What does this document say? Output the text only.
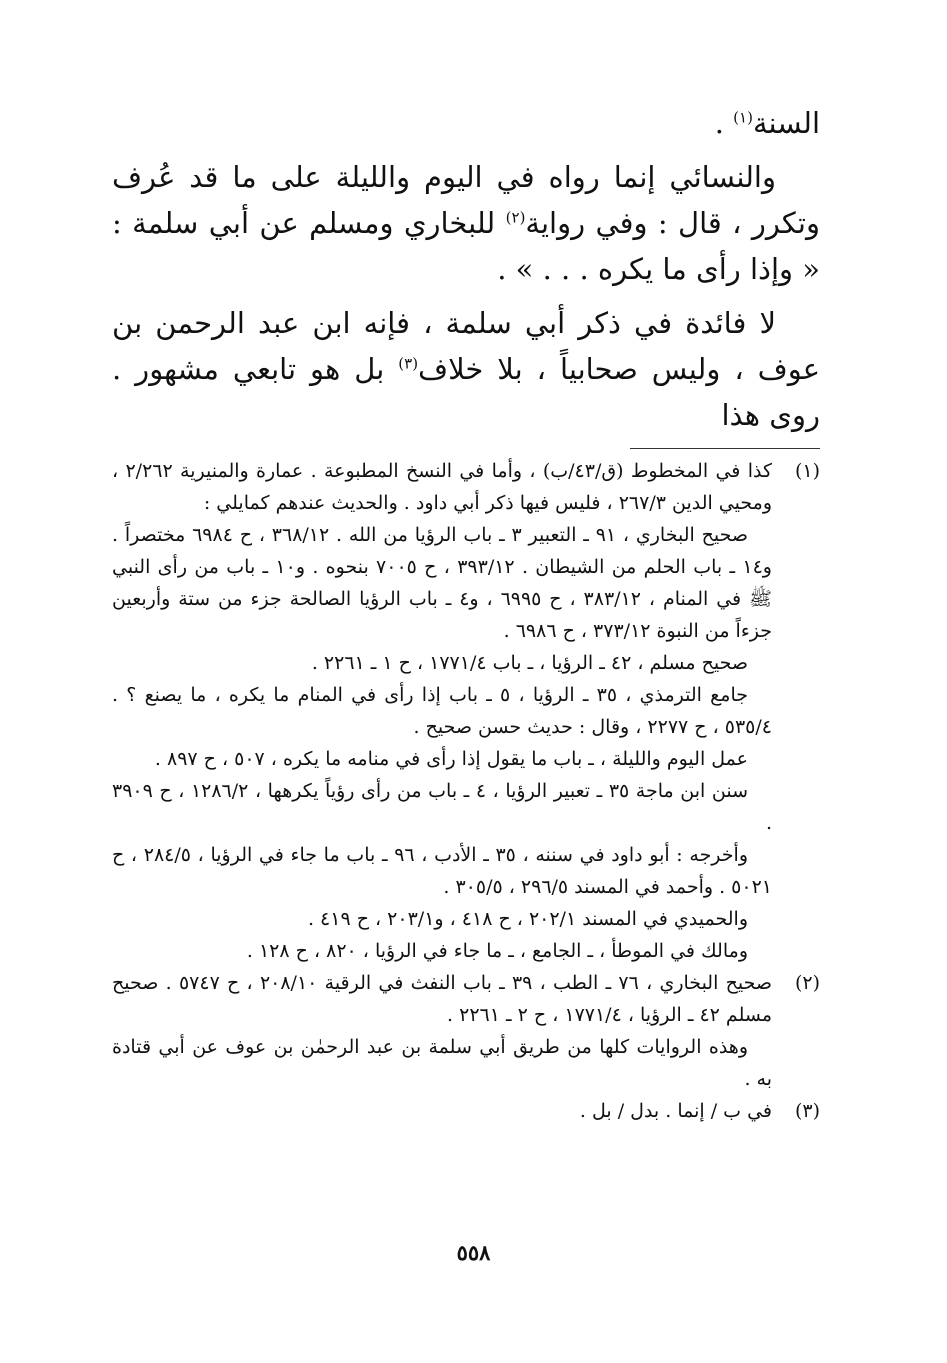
السنة$^{(١)}$ .

والنسائي إنما رواه في اليوم والليلة على ما قد عُرف وتكرر ، قال : وفي رواية$^{(٢)}$ للبخاري ومسلم عن أبي سلمة : « وإذا رأى ما يكره . . . » .

لا فائدة في ذكر أبي سلمة ، فإنه ابن عبد الرحمن بن عوف ، وليس صحابياً ، بلا خلاف$^{(٣)}$ بل هو تابعي مشهور . روى هذا

(١)
كذا في المخطوط (ق/٤٣/ب) ، وأما في النسخ المطبوعة . عمارة والمنيرية ٢/٢٦٢ ، ومحيي الدين ٢٦٧/٣ ، فليس فيها ذكر أبي داود . والحديث عندهم كمايلي :
صحيح البخاري ، ٩١ ـ التعبير ٣ ـ باب الرؤيا من الله . ٣٦٨/١٢ ، ح ٦٩٨٤ مختصراً . و١٤ ـ باب الحلم من الشيطان . ٣٩٣/١٢ ، ح ٧٠٠٥ بنحوه . و١٠ ـ باب من رأى النبي ﷺ في المنام ، ٣٨٣/١٢ ، ح ٦٩٩٥ ، و٤ ـ باب الرؤيا الصالحة جزء من ستة وأربعين جزءاً من النبوة ٣٧٣/١٢ ، ح ٦٩٨٦ .
صحيح مسلم ، ٤٢ ـ الرؤيا ، ـ باب ١٧٧١/٤ ، ح ١ ـ ٢٢٦١ .
جامع الترمذي ، ٣٥ ـ الرؤيا ، ٥ ـ باب إذا رأى في المنام ما يكره ، ما يصنع ؟ . ٥٣٥/٤ ، ح ٢٢٧٧ ، وقال : حديث حسن صحيح .
عمل اليوم والليلة ، ـ باب ما يقول إذا رأى في منامه ما يكره ، ٥٠٧ ، ح ٨٩٧ .
سنن ابن ماجة ٣٥ ـ تعبير الرؤيا ، ٤ ـ باب من رأى رؤياً يكرهها ، ١٢٨٦/٢ ، ح ٣٩٠٩ .
وأخرجه : أبو داود في سننه ، ٣٥ ـ الأدب ، ٩٦ ـ باب ما جاء في الرؤيا ، ٢٨٤/٥ ، ح ٥٠٢١ . وأحمد في المسند ٢٩٦/٥ ، ٣٠٥/٥ .
والحميدي في المسند ٢٠٢/١ ، ح ٤١٨ ، و٢٠٣/١ ، ح ٤١٩ .
ومالك في الموطأ ، ـ الجامع ، ـ ما جاء في الرؤيا ، ٨٢٠ ، ح ١٢٨ .
(٢)
صحيح البخاري ، ٧٦ ـ الطب ، ٣٩ ـ باب النفث في الرقية ٢٠٨/١٠ ، ح ٥٧٤٧ . صحيح مسلم ٤٢ ـ الرؤيا ، ١٧٧١/٤ ، ح ٢ ـ ٢٢٦١ .
وهذه الروايات كلها من طريق أبي سلمة بن عبد الرحمٰن بن عوف عن أبي قتادة به .
(٣)
في ب / إنما . بدل / بل .
٥٥٨
